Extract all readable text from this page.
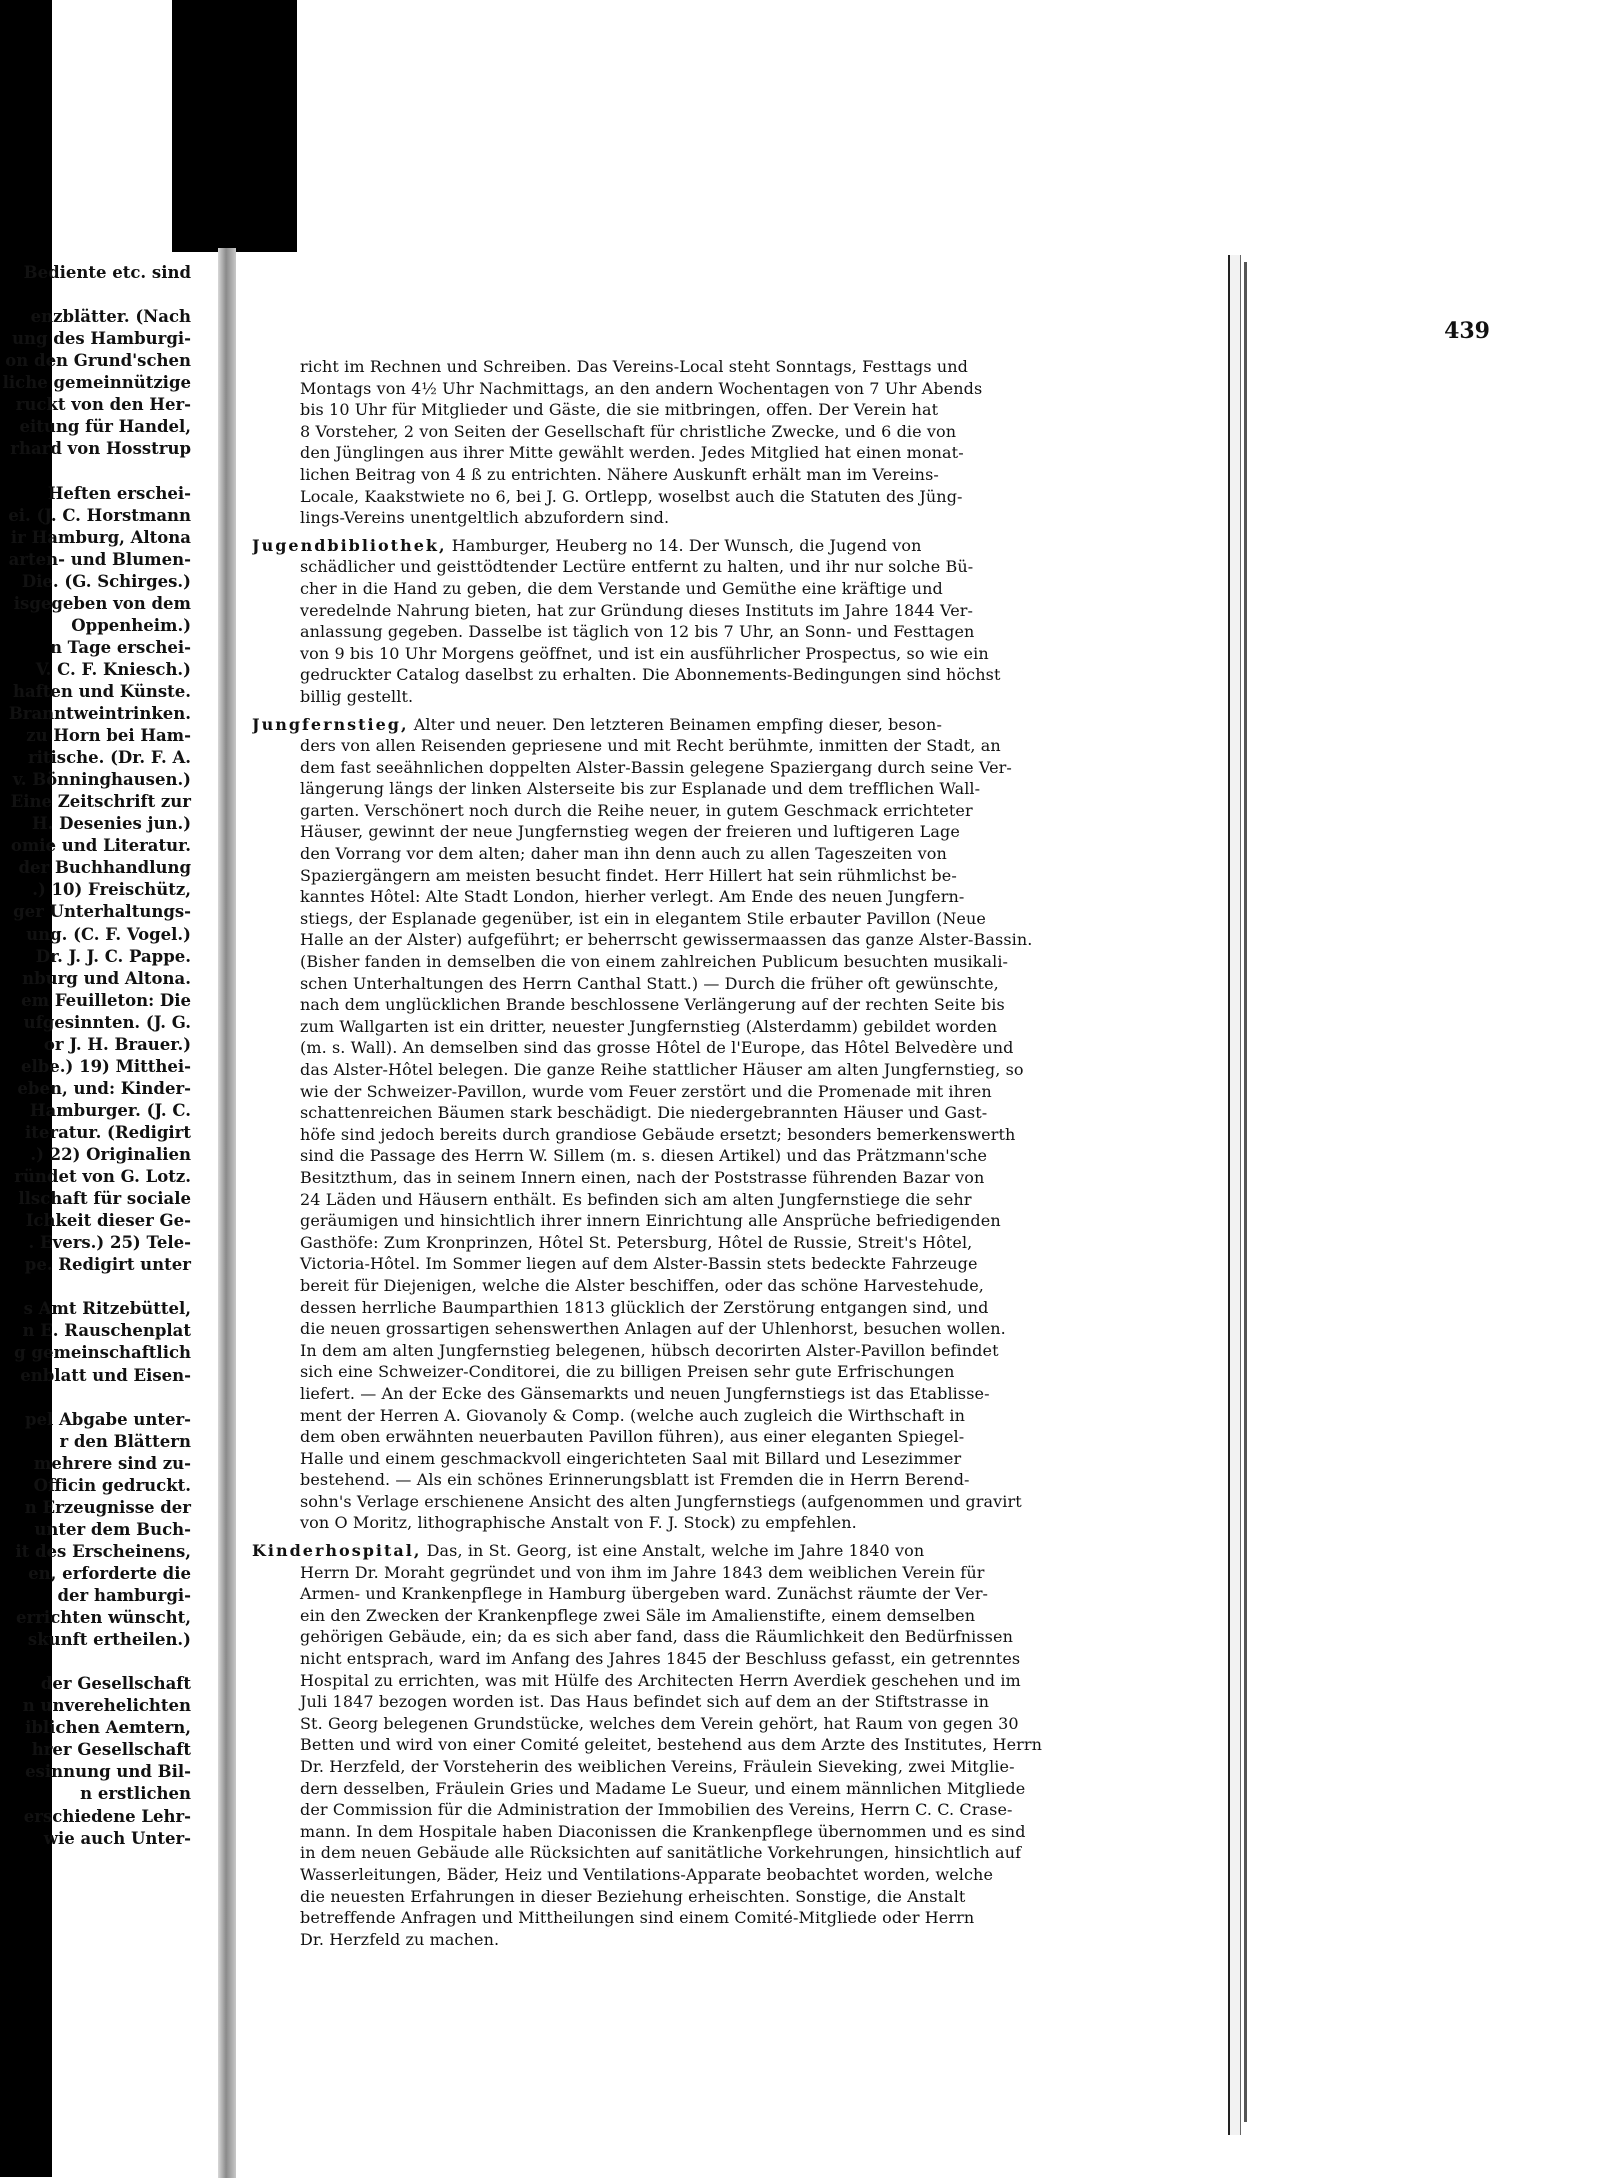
Bediente etc. sind
enzblätter. (Nach
ung des Hamburgi-
on den Grund'schen
liche gemeinnützige
ruckt von den Her-
eitung für Handel,
rhard von Hosstrup
Heften erschei-
ei. (J. C. Horstmann
ir Hamburg, Altona
arten- und Blumen-
Die. (G. Schirges.)
isgegeben von dem
Oppenheim.)
n Tage erschei-
V. C. F. Kniesch.)
haften und Künste.
Branntweintrinken.
zu Horn bei Ham-
ritische. (Dr. F. A.
v. Bönninghausen.)
Eine Zeitschrift zur
H. Desenies jun.)
omie und Literatur.
der Buchhandlung
.) 10) Freischütz,
ger Unterhaltungs-
ung. (C. F. Vogel.)
Dr. J. J. C. Pappe.
nburg und Altona.
em Feuilleton: Die
ufgesinnten. (J. G.
or J. H. Brauer.)
elbe.) 19) Mitthei-
eben, und: Kinder-
Hamburger. (J. C.
iteratur. (Redigirt
.) 22) Originalien
ründet von G. Lotz.
llschaft für sociale
Ichkeit dieser Ge-
. Evers.) 25) Tele-
pe. Redigirt unter
s Amt Ritzebüttel,
n E. Rauschenplat
g gemeinschaftlich
enblatt und Eisen-
pel Abgabe unter-
r den Blättern
mehrere sind zu-
Officin gedruckt.
n Erzeugnisse der
unter dem Buch-
it des Erscheinens,
en, erforderte die
der hamburgi-
errichten wünscht,
skunft ertheilen.)
der Gesellschaft
n unverehelichten
iblichen Aemtern,
hrer Gesellschaft
esinnung und Bil-
n erstlichen
erschiedene Lehr-
wie auch Unter-
439
richt im Rechnen und Schreiben. Das Vereins-Local steht Sonntags, Festtags und
Montags von 4½ Uhr Nachmittags, an den andern Wochentagen von 7 Uhr Abends
bis 10 Uhr für Mitglieder und Gäste, die sie mitbringen, offen. Der Verein hat
8 Vorsteher, 2 von Seiten der Gesellschaft für christliche Zwecke, und 6 die von
den Jünglingen aus ihrer Mitte gewählt werden. Jedes Mitglied hat einen monat-
lichen Beitrag von 4 ß zu entrichten. Nähere Auskunft erhält man im Vereins-
Locale, Kaakstwiete no 6, bei J. G. Ortlepp, woselbst auch die Statuten des Jüng-
lings-Vereins unentgeltlich abzufordern sind.
Jugendbibliothek, Hamburger, Heuberg no 14. Der Wunsch, die Jugend von
schädlicher und geisttödtender Lectüre entfernt zu halten, und ihr nur solche Bü-
cher in die Hand zu geben, die dem Verstande und Gemüthe eine kräftige und
veredelnde Nahrung bieten, hat zur Gründung dieses Instituts im Jahre 1844 Ver-
anlassung gegeben. Dasselbe ist täglich von 12 bis 7 Uhr, an Sonn- und Festtagen
von 9 bis 10 Uhr Morgens geöffnet, und ist ein ausführlicher Prospectus, so wie ein
gedruckter Catalog daselbst zu erhalten. Die Abonnements-Bedingungen sind höchst
billig gestellt.
Jungfernstieg, Alter und neuer. Den letzteren Beinamen empfing dieser, beson-
ders von allen Reisenden gepriesene und mit Recht berühmte, inmitten der Stadt, an
dem fast seeähnlichen doppelten Alster-Bassin gelegene Spaziergang durch seine Ver-
längerung längs der linken Alsterseite bis zur Esplanade und dem trefflichen Wall-
garten. Verschönert noch durch die Reihe neuer, in gutem Geschmack errichteter
Häuser, gewinnt der neue Jungfernstieg wegen der freieren und luftigeren Lage
den Vorrang vor dem alten; daher man ihn denn auch zu allen Tageszeiten von
Spaziergängern am meisten besucht findet. Herr Hillert hat sein rühmlichst be-
kanntes Hôtel: Alte Stadt London, hierher verlegt. Am Ende des neuen Jungfern-
stiegs, der Esplanade gegenüber, ist ein in elegantem Stile erbauter Pavillon (Neue
Halle an der Alster) aufgeführt; er beherrscht gewissermaassen das ganze Alster-Bassin.
(Bisher fanden in demselben die von einem zahlreichen Publicum besuchten musikali-
schen Unterhaltungen des Herrn Canthal Statt.) — Durch die früher oft gewünschte,
nach dem unglücklichen Brande beschlossene Verlängerung auf der rechten Seite bis
zum Wallgarten ist ein dritter, neuester Jungfernstieg (Alsterdamm) gebildet worden
(m. s. Wall). An demselben sind das grosse Hôtel de l'Europe, das Hôtel Belvedère und
das Alster-Hôtel belegen. Die ganze Reihe stattlicher Häuser am alten Jungfernstieg, so
wie der Schweizer-Pavillon, wurde vom Feuer zerstört und die Promenade mit ihren
schattenreichen Bäumen stark beschädigt. Die niedergebrannten Häuser und Gast-
höfe sind jedoch bereits durch grandiose Gebäude ersetzt; besonders bemerkenswerth
sind die Passage des Herrn W. Sillem (m. s. diesen Artikel) und das Prätzmann'sche
Besitzthum, das in seinem Innern einen, nach der Poststrasse führenden Bazar von
24 Läden und Häusern enthält. Es befinden sich am alten Jungfernstiege die sehr
geräumigen und hinsichtlich ihrer innern Einrichtung alle Ansprüche befriedigenden
Gasthöfe: Zum Kronprinzen, Hôtel St. Petersburg, Hôtel de Russie, Streit's Hôtel,
Victoria-Hôtel. Im Sommer liegen auf dem Alster-Bassin stets bedeckte Fahrzeuge
bereit für Diejenigen, welche die Alster beschiffen, oder das schöne Harvestehude,
dessen herrliche Baumparthien 1813 glücklich der Zerstörung entgangen sind, und
die neuen grossartigen sehenswerthen Anlagen auf der Uhlenhorst, besuchen wollen.
In dem am alten Jungfernstieg belegenen, hübsch decorirten Alster-Pavillon befindet
sich eine Schweizer-Conditorei, die zu billigen Preisen sehr gute Erfrischungen
liefert. — An der Ecke des Gänsemarkts und neuen Jungfernstiegs ist das Etablisse-
ment der Herren A. Giovanoly & Comp. (welche auch zugleich die Wirthschaft in
dem oben erwähnten neuerbauten Pavillon führen), aus einer eleganten Spiegel-
Halle und einem geschmackvoll eingerichteten Saal mit Billard und Lesezimmer
bestehend. — Als ein schönes Erinnerungsblatt ist Fremden die in Herrn Berend-
sohn's Verlage erschienene Ansicht des alten Jungfernstiegs (aufgenommen und gravirt
von O Moritz, lithographische Anstalt von F. J. Stock) zu empfehlen.
Kinderhospital, Das, in St. Georg, ist eine Anstalt, welche im Jahre 1840 von
Herrn Dr. Moraht gegründet und von ihm im Jahre 1843 dem weiblichen Verein für
Armen- und Krankenpflege in Hamburg übergeben ward. Zunächst räumte der Ver-
ein den Zwecken der Krankenpflege zwei Säle im Amalienstifte, einem demselben
gehörigen Gebäude, ein; da es sich aber fand, dass die Räumlichkeit den Bedürfnissen
nicht entsprach, ward im Anfang des Jahres 1845 der Beschluss gefasst, ein getrenntes
Hospital zu errichten, was mit Hülfe des Architecten Herrn Averdiek geschehen und im
Juli 1847 bezogen worden ist. Das Haus befindet sich auf dem an der Stiftstrasse in
St. Georg belegenen Grundstücke, welches dem Verein gehört, hat Raum von gegen 30
Betten und wird von einer Comité geleitet, bestehend aus dem Arzte des Institutes, Herrn
Dr. Herzfeld, der Vorsteherin des weiblichen Vereins, Fräulein Sieveking, zwei Mitglie-
dern desselben, Fräulein Gries und Madame Le Sueur, und einem männlichen Mitgliede
der Commission für die Administration der Immobilien des Vereins, Herrn C. C. Crase-
mann. In dem Hospitale haben Diaconissen die Krankenpflege übernommen und es sind
in dem neuen Gebäude alle Rücksichten auf sanitätliche Vorkehrungen, hinsichtlich auf
Wasserleitungen, Bäder, Heiz und Ventilations-Apparate beobachtet worden, welche
die neuesten Erfahrungen in dieser Beziehung erheischten. Sonstige, die Anstalt
betreffende Anfragen und Mittheilungen sind einem Comité-Mitgliede oder Herrn
Dr. Herzfeld zu machen.
